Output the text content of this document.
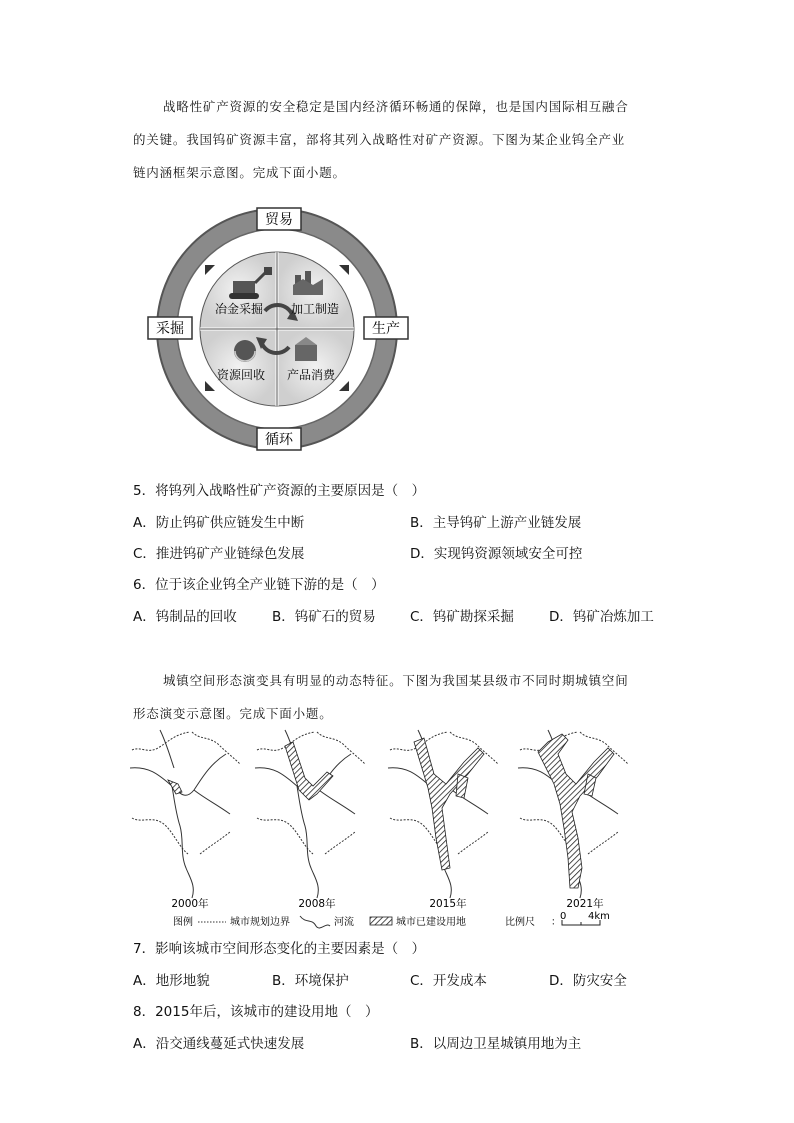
战略性矿产资源的安全稳定是国内经济循环畅通的保障，也是国内国际相互融合
的关键。我国钨矿资源丰富，部将其列入战略性对矿产资源。下图为某企业钨全产业
链内涵框架示意图。完成下面小题。
冶金采掘 加工制造
资源回收 产品消费
贸易
采掘	生产
循环
5．将钨列入战略性矿产资源的主要原因是（　）
A．防止钨矿供应链发生中断	B．主导钨矿上游产业链发展
C．推进钨矿产业链绿色发展	D．实现钨资源领域安全可控
6．位于该企业钨全产业链下游的是（　）
A．钨制品的回收	B．钨矿石的贸易	C．钨矿勘探采掘	D．钨矿冶炼加工
城镇空间形态演变具有明显的动态特征。下图为我国某县级市不同时期城镇空间
形态演变示意图。完成下面小题。
2000年	2008年	2015年	2021年
图例	城市规划边界	河流	城市已建设用地	比例尺 ：
0 4km
7．影响该城市空间形态变化的主要因素是（　）
A．地形地貌	B．环境保护	C．开发成本	D．防灾安全
8．2015年后，该城市的建设用地（　）
A．沿交通线蔓延式快速发展	B．以周边卫星城镇用地为主
